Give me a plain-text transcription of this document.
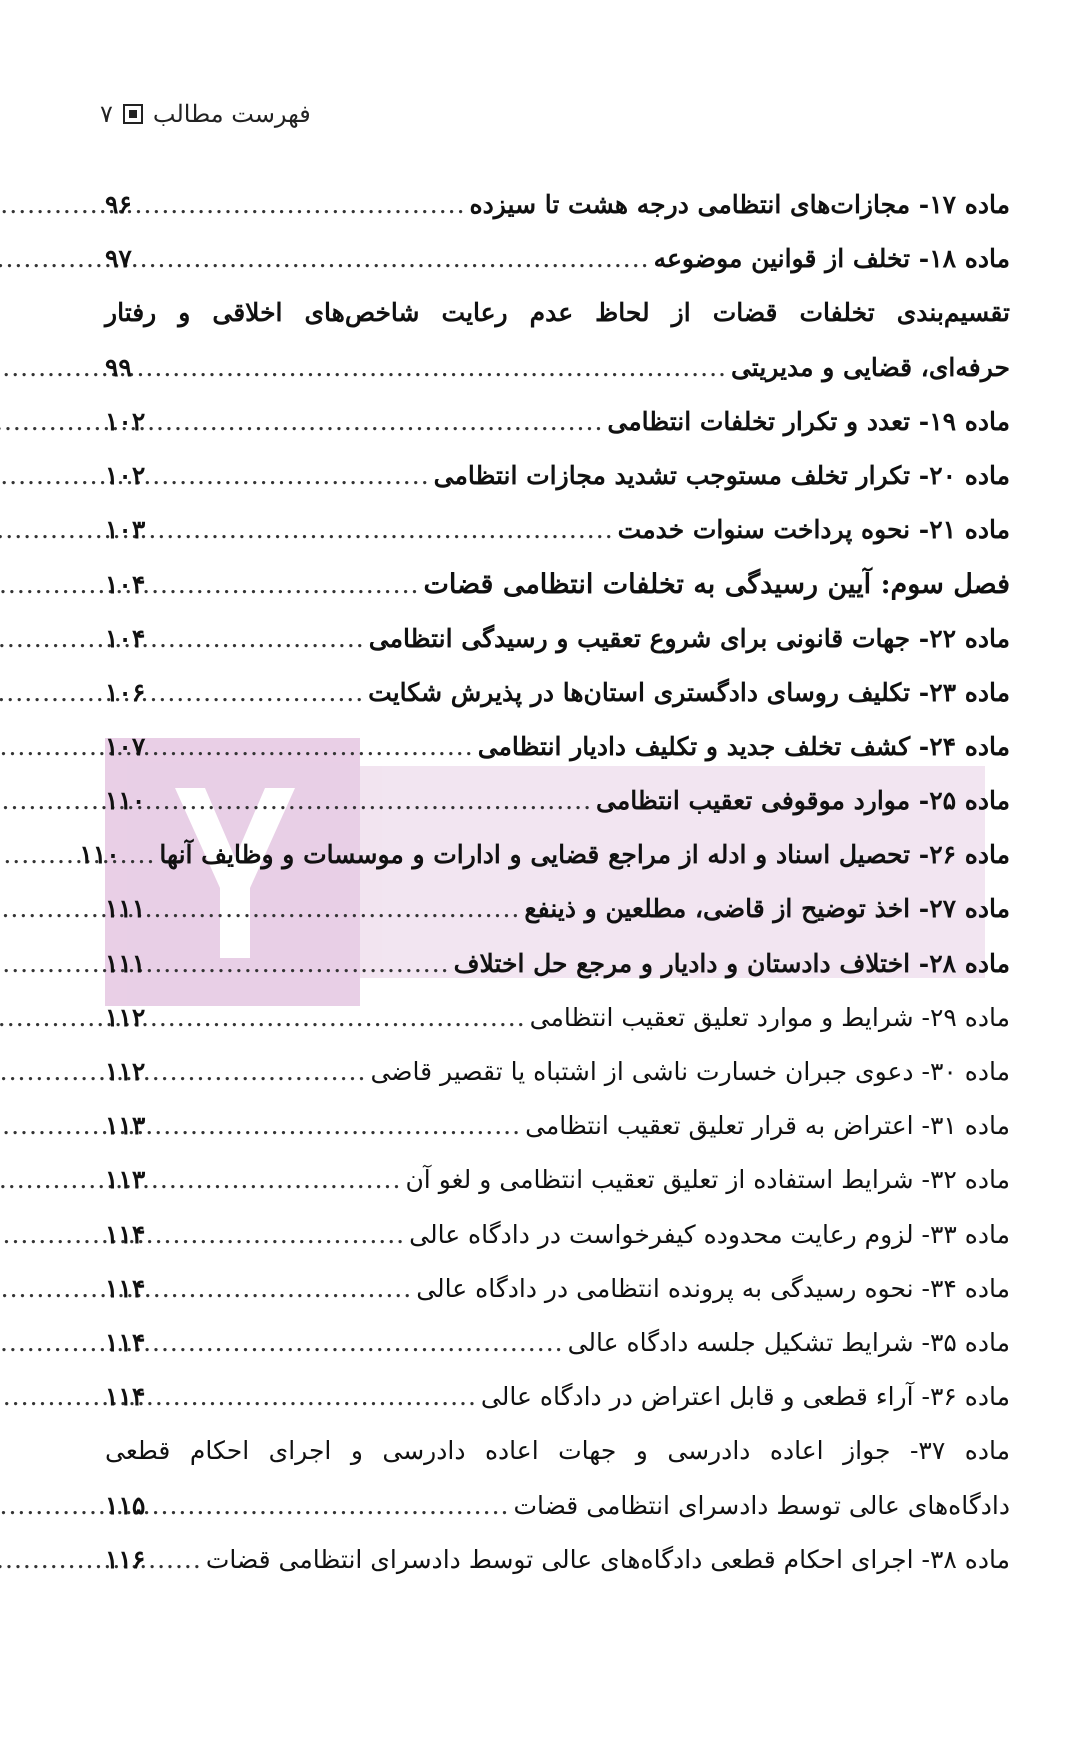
فهرست مطالب
۷
ماده ۱۷- مجازات‌های انتظامی درجه هشت تا سیزده
.....
۹۶
ماده ۱۸- تخلف از قوانین موضوعه
.....
۹۷
تقسیم‌بندی تخلفات قضات از لحاظ عدم رعایت شاخص‌های اخلاقی و رفتار
حرفه‌ای، قضایی و مدیریتی
.....
۹۹
ماده ۱۹- تعدد و تکرار تخلفات انتظامی
.....
۱۰۲
ماده ۲۰- تکرار تخلف مستوجب تشدید مجازات انتظامی
.....
۱۰۲
ماده ۲۱- نحوه پرداخت سنوات خدمت
.....
۱۰۳
فصل سوم: آیین رسیدگی به تخلفات انتظامی قضات
.....
۱۰۴
ماده ۲۲- جهات قانونی برای شروع تعقیب و رسیدگی انتظامی
.....
۱۰۴
ماده ۲۳- تکلیف روسای دادگستری استان‌ها در پذیرش شکایت
.....
۱۰۶
ماده ۲۴- کشف تخلف جدید و تکلیف دادیار انتظامی
.....
۱۰۷
ماده ۲۵- موارد موقوفی تعقیب انتظامی
.....
۱۱۰
ماده ۲۶- تحصیل اسناد و ادله از مراجع قضایی و ادارات و موسسات و وظایف آنها
.....
۱۱۰
ماده ۲۷- اخذ توضیح از قاضی، مطلعین و ذینفع
.....
۱۱۱
ماده ۲۸- اختلاف دادستان و دادیار و مرجع حل اختلاف
.....
۱۱۱
ماده ۲۹- شرایط و موارد تعلیق تعقیب انتظامی
.....
۱۱۲
ماده ۳۰- دعوی جبران خسارت ناشی از اشتباه یا تقصیر قاضی
.....
۱۱۲
ماده ۳۱- اعتراض به قرار تعلیق تعقیب انتظامی
.....
۱۱۳
ماده ۳۲- شرایط استفاده از تعلیق تعقیب انتظامی و لغو آن
.....
۱۱۳
ماده ۳۳- لزوم رعایت محدوده کیفرخواست در دادگاه عالی
.....
۱۱۴
ماده ۳۴- نحوه رسیدگی به پرونده انتظامی در دادگاه عالی
.....
۱۱۴
ماده ۳۵- شرایط تشکیل جلسه دادگاه عالی
.....
۱۱۴
ماده ۳۶- آراء قطعی و قابل اعتراض در دادگاه عالی
.....
۱۱۴
ماده ۳۷- جواز اعاده دادرسی و جهات اعاده دادرسی و اجرای احکام قطعی
دادگاه‌های عالی توسط دادسرای انتظامی قضات
.....
۱۱۵
ماده ۳۸- اجرای احکام قطعی دادگاه‌های عالی توسط دادسرای انتظامی قضات
.....
۱۱۶
